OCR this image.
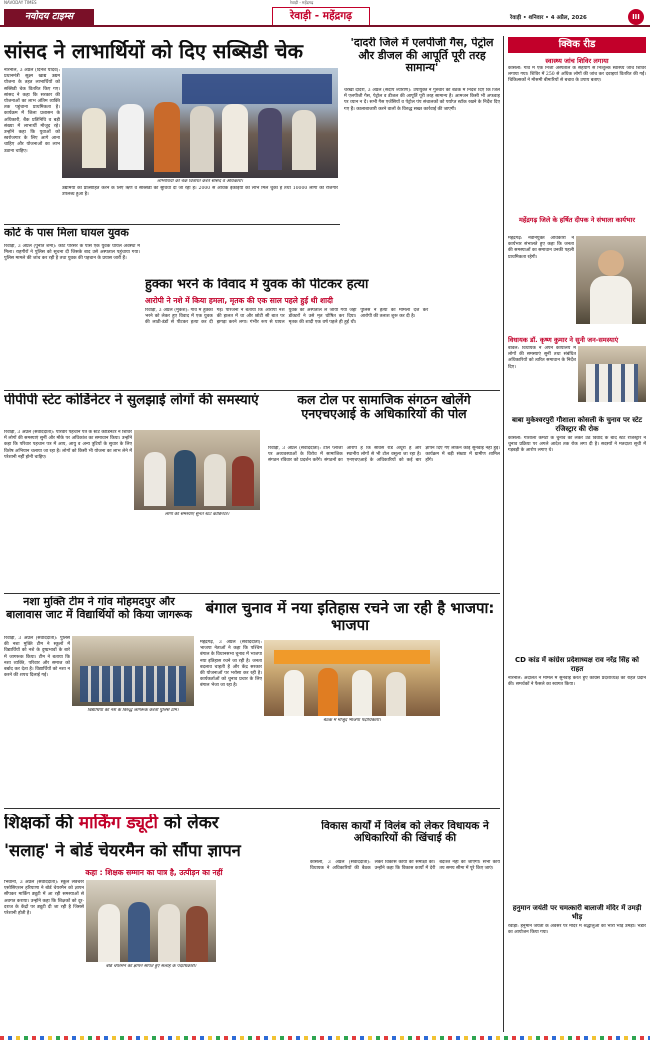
NAVODAY TIMES	रेवाड़ी - महेंद्रगढ़
नवोदय टाइम्स	रेवाड़ी - महेंद्रगढ़	रेवाड़ी • शनिवार • 4 अप्रैल, 2026	III
सांसद ने लाभार्थियों को दिए सब्सिडी चेक
नारनौल, 3 अप्रैल (दिनेश यादव): प्रधानमंत्री सूक्ष्म खाद्य उद्यम योजना के तहत लाभार्थियों को सब्सिडी चेक वितरित किए गए। सांसद ने कहा कि सरकार की योजनाओं का लाभ अंतिम व्यक्ति तक पहुंचाना प्राथमिकता है। कार्यक्रम में जिला प्रशासन के अधिकारी, बैंक प्रतिनिधि व बड़ी संख्या में लाभार्थी मौजूद रहे। उन्होंने कहा कि युवाओं को स्वरोजगार के लिए आगे आना चाहिए और योजनाओं का लाभ उठाना चाहिए।
लाभार्थियों को चेक वितरित करते सांसद व अधिकारी।
उद्यमियों को प्रोत्साहित करने के लिए ऋण व सब्सिडी की सुविधा दी जा रही है। 2000 से अधिक इकाइयों को लाभ मिल चुका है तथा 10000 लोगों को रोजगार उपलब्ध हुआ है।
'दादरी जिले में एलपीजी गैस, पेट्रोल और डीजल की आपूर्ति पूरी तरह सामान्य'
चरखी दादरी, 3 अप्रैल (संदीप श्योराण): उपायुक्त ने गुरुवार को बैठक में निर्देश दिए कि जिले में एलपीजी गैस, पेट्रोल व डीजल की आपूर्ति पूरी तरह सामान्य है। आमजन किसी भी अफवाह पर ध्यान न दें। सभी गैस एजेंसियों व पेट्रोल पंप संचालकों को पर्याप्त स्टॉक रखने के निर्देश दिए गए हैं। कालाबाजारी करने वालों के विरुद्ध सख्त कार्रवाई की जाएगी।
कोर्ट के पास मिला घायल युवक
रिवाड़ी, 3 अप्रैल (पुनीत शर्मा): कोर्ट परिसर के पास एक युवक घायल अवस्था में मिला। राहगीरों ने पुलिस को सूचना दी जिसके बाद उसे अस्पताल पहुंचाया गया। पुलिस मामले की जांच कर रही है तथा युवक की पहचान के प्रयास जारी हैं।
हुक्का भरने के विवाद में युवक की पीटकर हत्या
आरोपी ने नशे में किया हमला, मृतक की एक साल पहले हुई थी शादी
रिवाड़ी, 3 अप्रैल (मुकेश): गांव में हुक्का भरने को लेकर हुए विवाद में एक युवक की लाठी-डंडों से पीटकर हत्या कर दी गई। परिजनों ने बताया कि आरोपी नशे की हालत में था और छोटी सी बात पर झगड़ा करने लगा। गंभीर रूप से घायल युवक को अस्पताल ले जाया गया जहां डॉक्टरों ने उसे मृत घोषित कर दिया। मृतक की शादी एक वर्ष पहले ही हुई थी। पुलिस ने हत्या का मामला दर्ज कर आरोपी की तलाश शुरू कर दी है।
पीपीपी स्टेट कोर्डिनेटर ने सुलझाई लोगों की समस्याएं
रिवाड़ी, 3 अप्रैल (संवाददाता): परिवार पहचान पत्र के स्टेट कोर्डिनेटर ने शिविर में लोगों की समस्याएं सुनीं और मौके पर अधिकांश का समाधान किया। उन्होंने कहा कि परिवार पहचान पत्र में आय, आयु व अन्य त्रुटियों के सुधार के लिए विशेष अभियान चलाया जा रहा है। लोगों को किसी भी योजना का लाभ लेने में परेशानी नहीं होनी चाहिए।
लोगों की समस्याएं सुनते स्टेट कोर्डिनेटर।
कल टोल पर सामाजिक संगठन खोलेंगे एनएचएआई के अधिकारियों की पोल
रिवाड़ी, 3 अप्रैल (संवाददाता): टोल प्लाजा पर अव्यवस्थाओं के विरोध में सामाजिक संगठन रविवार को प्रदर्शन करेंगे। संगठनों का आरोप है कि सर्विस रोड अधूरी है और स्थानीय लोगों से भी टोल वसूला जा रहा है। एनएचएआई के अधिकारियों को कई बार ज्ञापन दिए गए लेकिन कोई सुनवाई नहीं हुई। कार्यक्रम में बड़ी संख्या में ग्रामीण शामिल होंगे।
नशा मुक्ति टीम ने गांव मोहमदपुर और बालावास जाट में विद्यार्थियों को किया जागरूक
रिवाड़ी, 3 अप्रैल (संवाददाता): पुलिस की नशा मुक्ति टीम ने स्कूलों में विद्यार्थियों को नशे के दुष्प्रभावों के बारे में जागरूक किया। टीम ने बताया कि नशा व्यक्ति, परिवार और समाज को बर्बाद कर देता है। विद्यार्थियों को नशा न करने की शपथ दिलाई गई।
विद्यार्थियों को नशे के विरुद्ध जागरूक करती पुलिस टीम।
बंगाल चुनाव में नया इतिहास रचने जा रही है भाजपा: भाजपा
महेंद्रगढ़, 3 अप्रैल (संवाददाता): भाजपा नेताओं ने कहा कि पश्चिम बंगाल के विधानसभा चुनाव में भाजपा नया इतिहास रचने जा रही है। जनता बदलाव चाहती है और केंद्र सरकार की योजनाओं पर भरोसा कर रही है। कार्यकर्ताओं को चुनाव प्रचार के लिए बंगाल भेजा जा रहा है।
बैठक में मौजूद भाजपा पदाधिकारी।
शिक्षकों की मार्किंग ड्यूटी को लेकर
'सलाह' ने बोर्ड चेयरमैन को सौंपा ज्ञापन
कहा : शिक्षक सम्मान का पात्र है, उत्पीड़न का नहीं
भिवानी, 3 अप्रैल (संवाददाता): स्कूल लेक्चरर एसोसिएशन हरियाणा ने बोर्ड चेयरमैन को ज्ञापन सौंपकर मार्किंग ड्यूटी में आ रही समस्याओं से अवगत कराया। उन्होंने कहा कि शिक्षकों को दूर-दराज के केंद्रों पर ड्यूटी दी जा रही है जिससे परेशानी होती है।
बोर्ड चेयरमैन को ज्ञापन सौंपते हुए सलाह के पदाधिकारी।
विकास कार्यों में विलंब को लेकर विधायक ने अधिकारियों की खिंचाई की
कोसली, 3 अप्रैल (संवाददाता): विधायक ने अधिकारियों की बैठक लेकर विकास कार्यों की समीक्षा की। उन्होंने कहा कि विकास कार्यों में देरी बर्दाश्त नहीं की जाएगी। सभी कार्य तय समय सीमा में पूरे किए जाएं।
क्विक रीड
स्वास्थ्य जांच शिविर लगाया
कोसली: गांव में एक निजी अस्पताल के सहयोग से निःशुल्क स्वास्थ्य जांच शिविर लगाया गया। शिविर में 250 से अधिक लोगों की जांच कर दवाइयां वितरित की गईं। चिकित्सकों ने मौसमी बीमारियों से बचाव के उपाय बताए।
महेंद्रगढ़ जिले के हर्षित दीपक ने संभाला कार्यभार
महेंद्रगढ़: नवनियुक्त अधिकारी ने कार्यभार संभालते हुए कहा कि जनता की समस्याओं का समाधान उनकी पहली प्राथमिकता रहेगी।
विधायक डॉ. कृष्ण कुमार ने सुनी जन-समस्याएं
बावल: विधायक ने अपने कार्यालय में लोगों की समस्याएं सुनीं तथा संबंधित अधिकारियों को त्वरित समाधान के निर्देश दिए।
बाबा मुकेश्वरपुरी गौशाला कोसली के चुनाव पर स्टेट रजिस्ट्रार की रोक
कोसली: गौशाला कमेटी के चुनाव को लेकर उठे विवाद के बाद स्टेट रजिस्ट्रार ने चुनाव प्रक्रिया पर अगले आदेश तक रोक लगा दी है। सदस्यों ने मतदाता सूची में गड़बड़ी के आरोप लगाए थे।
CD कांड में कांग्रेस प्रदेशाध्यक्ष राव नरेंद्र सिंह को राहत
नारनौल: अदालत ने मामले में सुनवाई करते हुए कांग्रेस प्रदेशाध्यक्ष को राहत प्रदान की। समर्थकों ने फैसले का स्वागत किया।
हनुमान जयंती पर चमत्कारी बालाजी मंदिर में उमड़ी भीड़
रेवाड़ी: हनुमान जयंती के अवसर पर मंदिर में श्रद्धालुओं की भारी भीड़ उमड़ी। भंडारे का आयोजन किया गया।
